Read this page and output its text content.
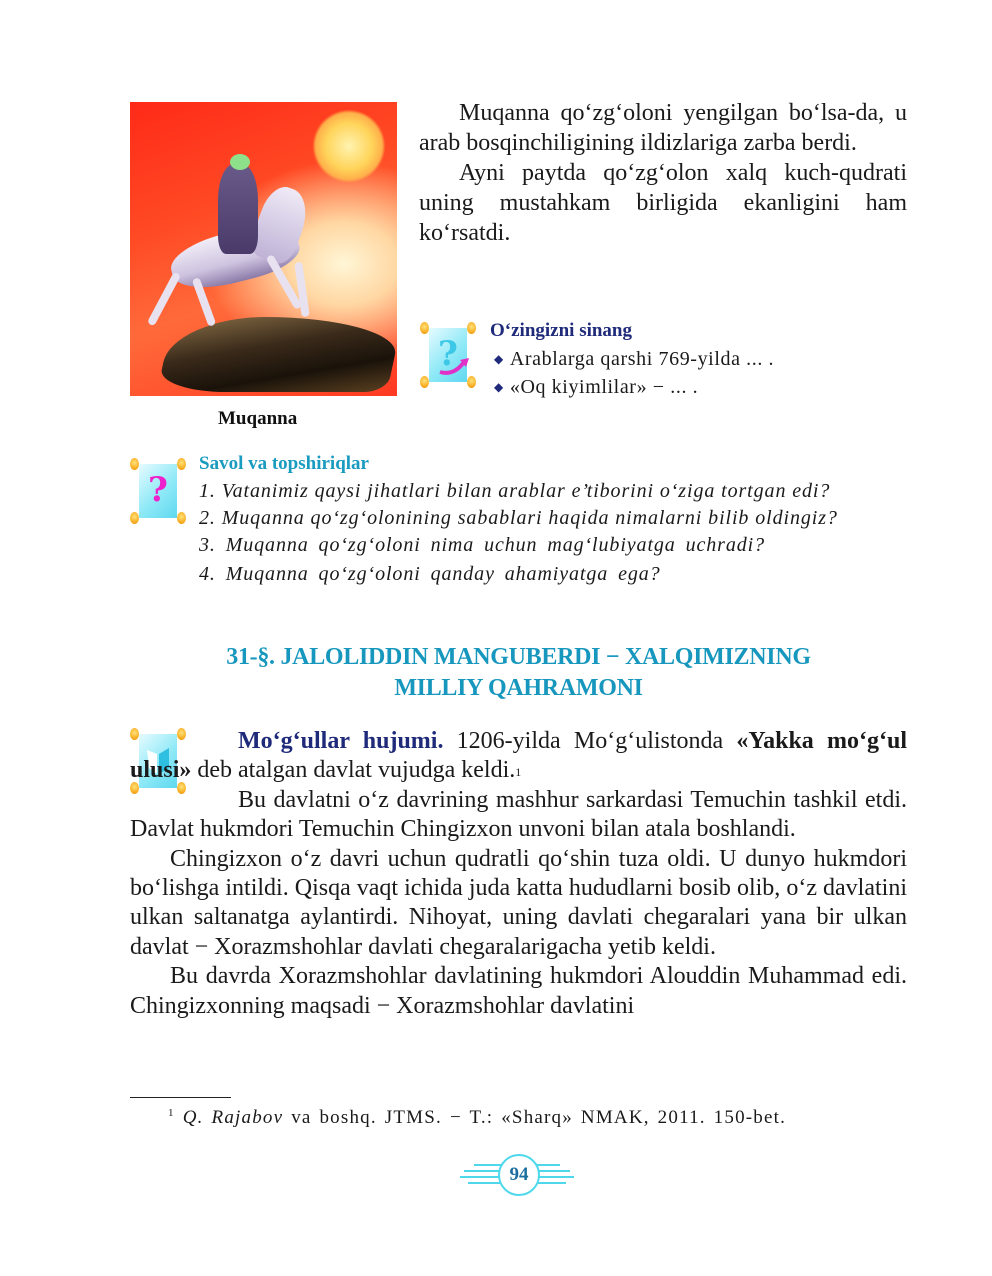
Muqanna

Muqanna qo‘zg‘oloni yengilgan bo‘lsa-da, u arab bosqinchiligining ildizlariga zarba berdi.

Ayni paytda qo‘zg‘olon xalq kuch-qudrati uning mustahkam birligida ekanligini ham ko‘rsatdi.

?
O‘zingizni sinang
◆ Arablarga qarshi 769-yilda ... .
◆ «Oq kiyimlilar» − ... .
?
Savol va topshiriqlar
1. Vatanimiz qaysi jihatlari bilan arablar e’tiborini o‘ziga tortgan edi?
2. Muqanna qo‘zg‘olonining sabablari haqida nimalarni bilib oldingiz?
3. Muqanna qo‘zg‘oloni nima uchun mag‘lubiyatga uchradi?
4. Muqanna qo‘zg‘oloni qanday ahamiyatga ega?
31-§. JALOLIDDIN MANGUBERDI − XALQIMIZNING
MILLIY QAHRAMONI

Mo‘g‘ullar hujumi. 1206-yilda Mo‘g‘ulistonda «Yakka mo‘g‘ul ulusi» deb atalgan davlat vujudga keldi.$^1$

Bu davlatni o‘z davrining mashhur sarkardasi Temuchin tashkil etdi. Davlat hukmdori Temuchin Chingizxon unvoni bilan atala boshlandi.

Chingizxon o‘z davri uchun qudratli qo‘shin tuza oldi. U dunyo hukmdori bo‘lishga intildi. Qisqa vaqt ichida juda katta hududlarni bosib olib, o‘z davlatini ulkan saltanatga aylantirdi. Nihoyat, uning davlati chegaralari yana bir ulkan davlat − Xorazmshohlar davlati chegaralarigacha yetib keldi.

Bu davrda Xorazmshohlar davlatining hukmdori Alouddin Muhammad edi. Chingizxonning maqsadi − Xorazmshohlar davlatini

$^1$ Q. Rajabov va boshq. JTMS. − T.: «Sharq» NMAK, 2011. 150-bet.
94
